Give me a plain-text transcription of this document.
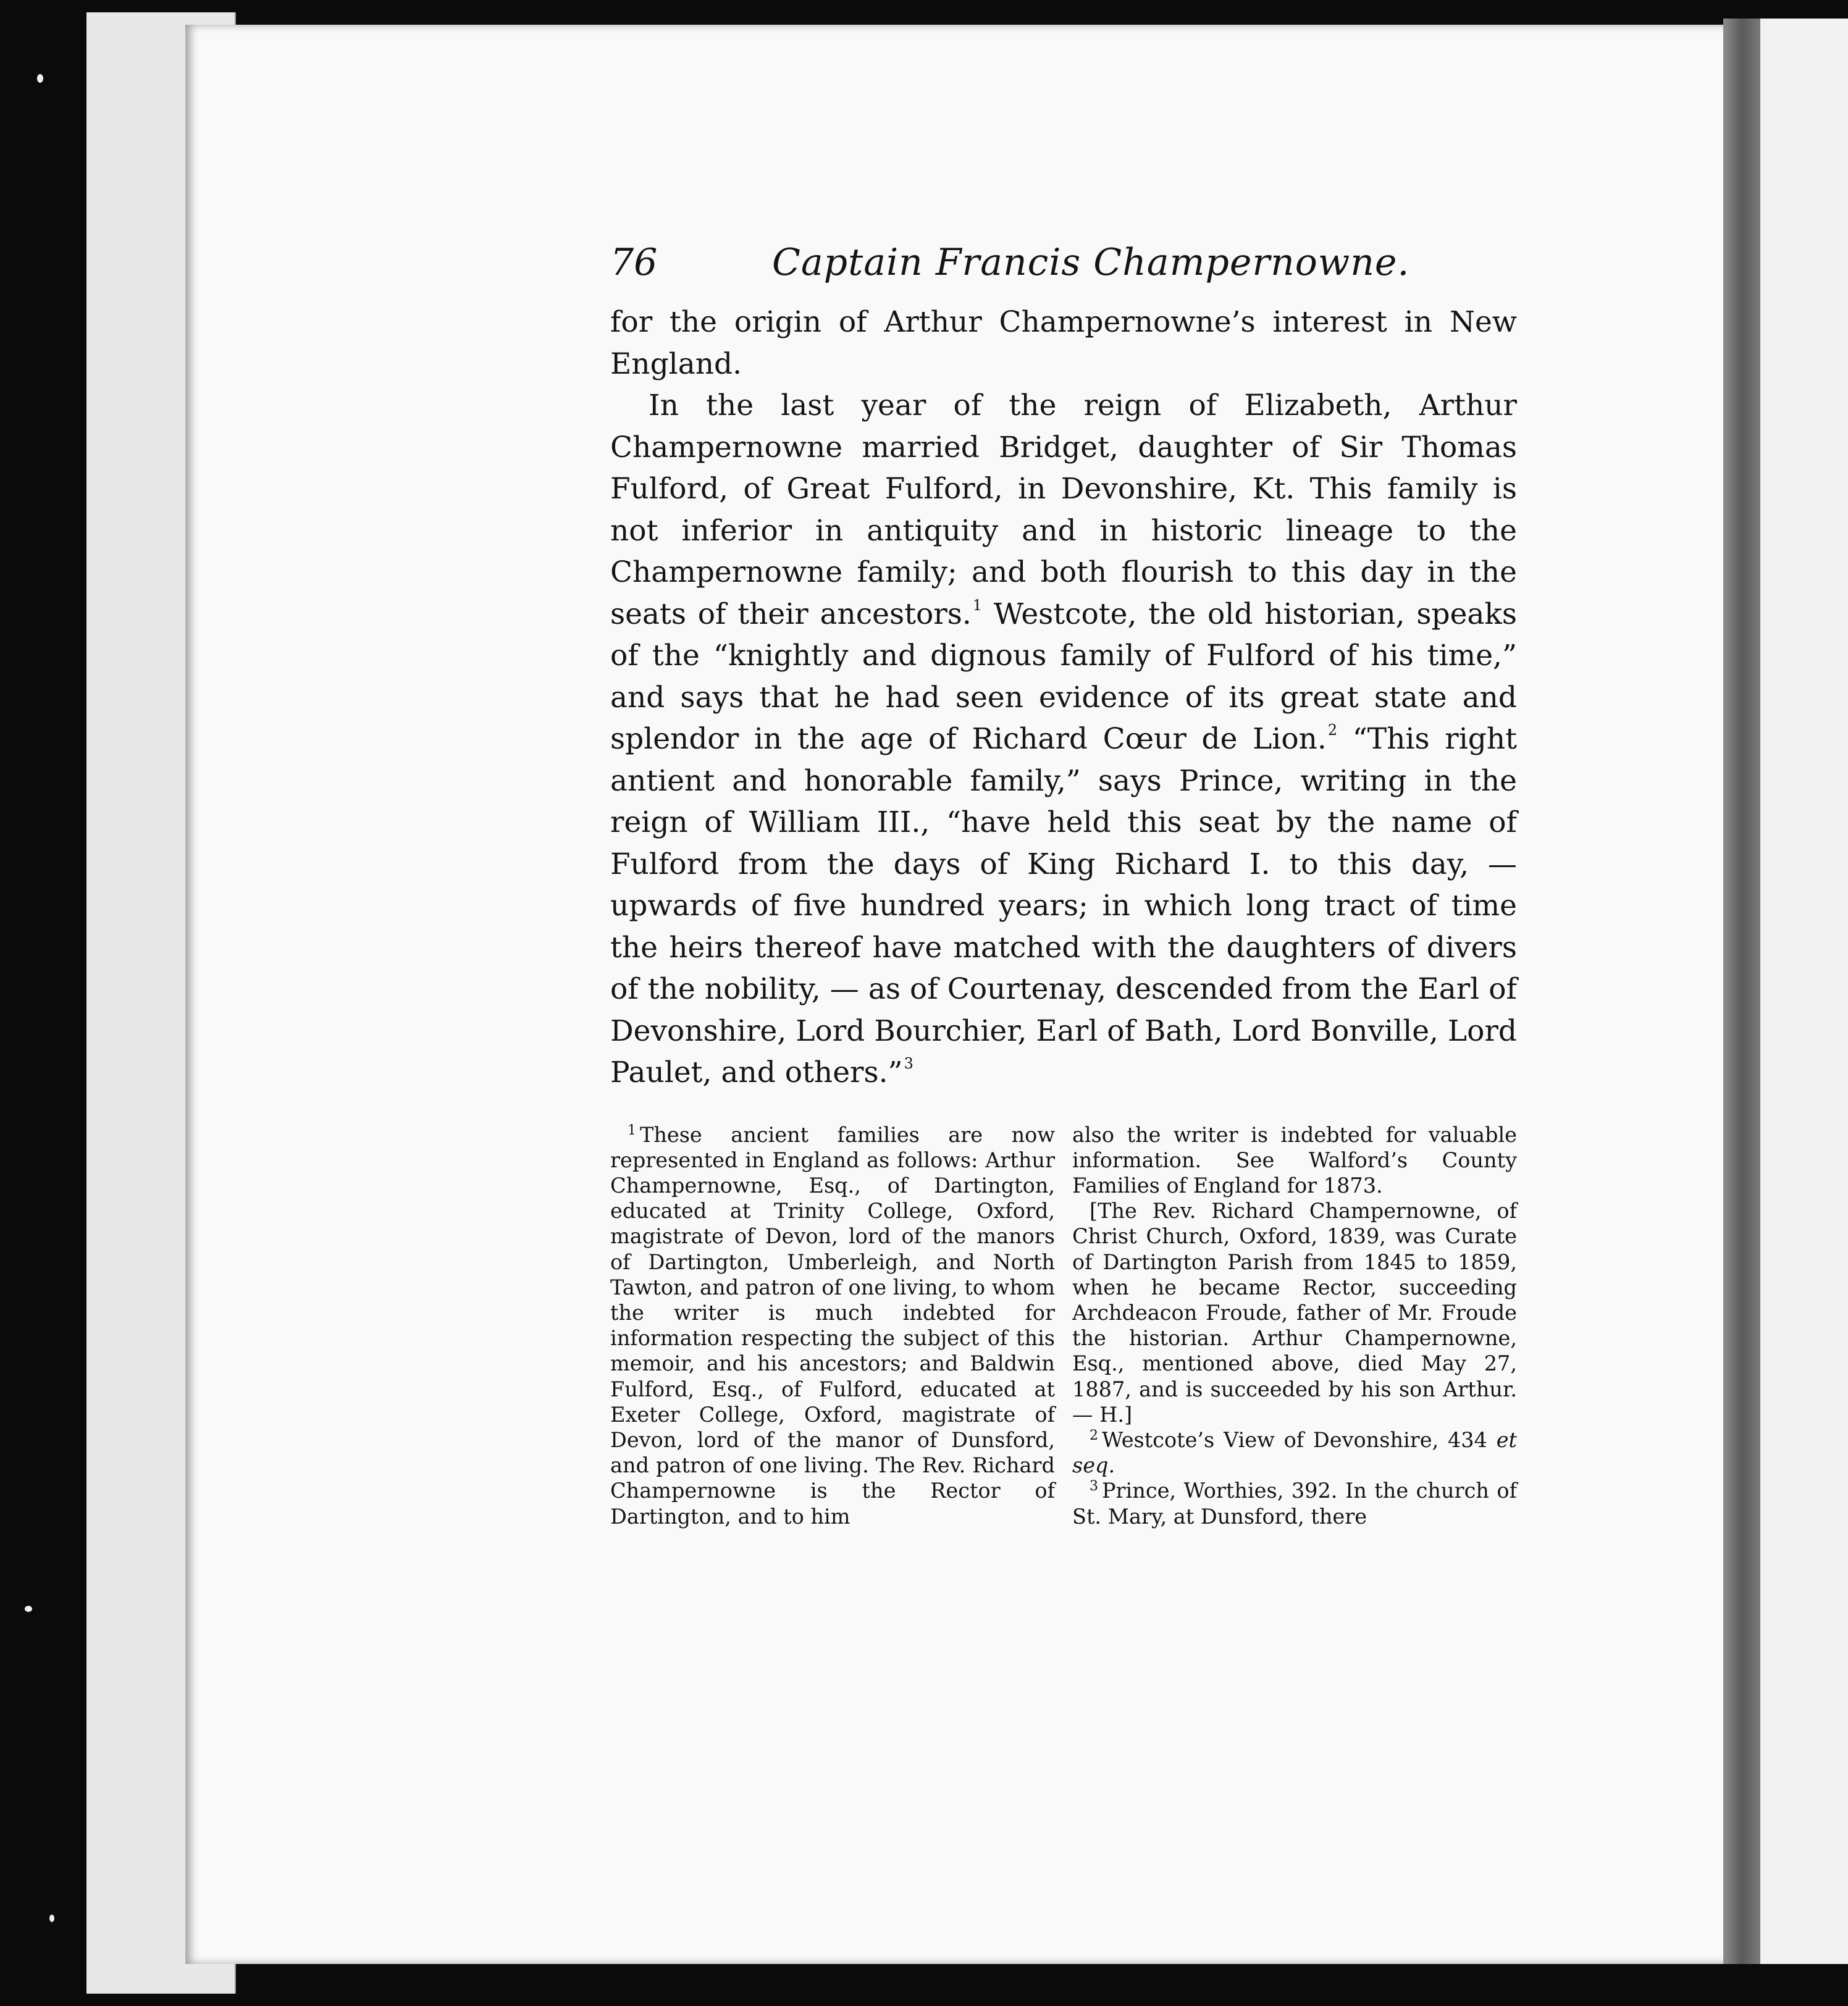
76	Captain Francis Champernowne.

for the origin of Arthur Champernowne’s interest in New England.

In the last year of the reign of Elizabeth, Arthur Champernowne married Bridget, daughter of Sir Thomas Fulford, of Great Fulford, in Devonshire, Kt. This family is not inferior in antiquity and in historic lineage to the Champernowne family; and both flourish to this day in the seats of their ancestors.$^1$ Westcote, the old historian, speaks of the “knightly and dignous family of Fulford of his time,” and says that he had seen evidence of its great state and splendor in the age of Richard Cœur de Lion.$^2$ “This right antient and honorable family,” says Prince, writing in the reign of William III., “have held this seat by the name of Fulford from the days of King Richard I. to this day, — upwards of five hundred years; in which long tract of time the heirs thereof have matched with the daughters of divers of the nobility, — as of Courtenay, descended from the Earl of Devonshire, Lord Bourchier, Earl of Bath, Lord Bonville, Lord Paulet, and others.”$^3$

$^1$ These ancient families are now represented in England as follows: Arthur Champernowne, Esq., of Dartington, educated at Trinity College, Oxford, magistrate of Devon, lord of the manors of Dartington, Umberleigh, and North Tawton, and patron of one living, to whom the writer is much indebted for information respecting the subject of this memoir, and his ancestors; and Baldwin Fulford, Esq., of Fulford, educated at Exeter College, Oxford, magistrate of Devon, lord of the manor of Dunsford, and patron of one living. The Rev. Richard Champernowne is the Rector of Dartington, and to him

also the writer is indebted for valuable information. See Walford’s County Families of England for 1873.

[The Rev. Richard Champernowne, of Christ Church, Oxford, 1839, was Curate of Dartington Parish from 1845 to 1859, when he became Rector, succeeding Archdeacon Froude, father of Mr. Froude the historian. Arthur Champernowne, Esq., mentioned above, died May 27, 1887, and is succeeded by his son Arthur. — H.]

$^2$ Westcote’s View of Devonshire, 434 et seq.

$^3$ Prince, Worthies, 392. In the church of St. Mary, at Dunsford, there
